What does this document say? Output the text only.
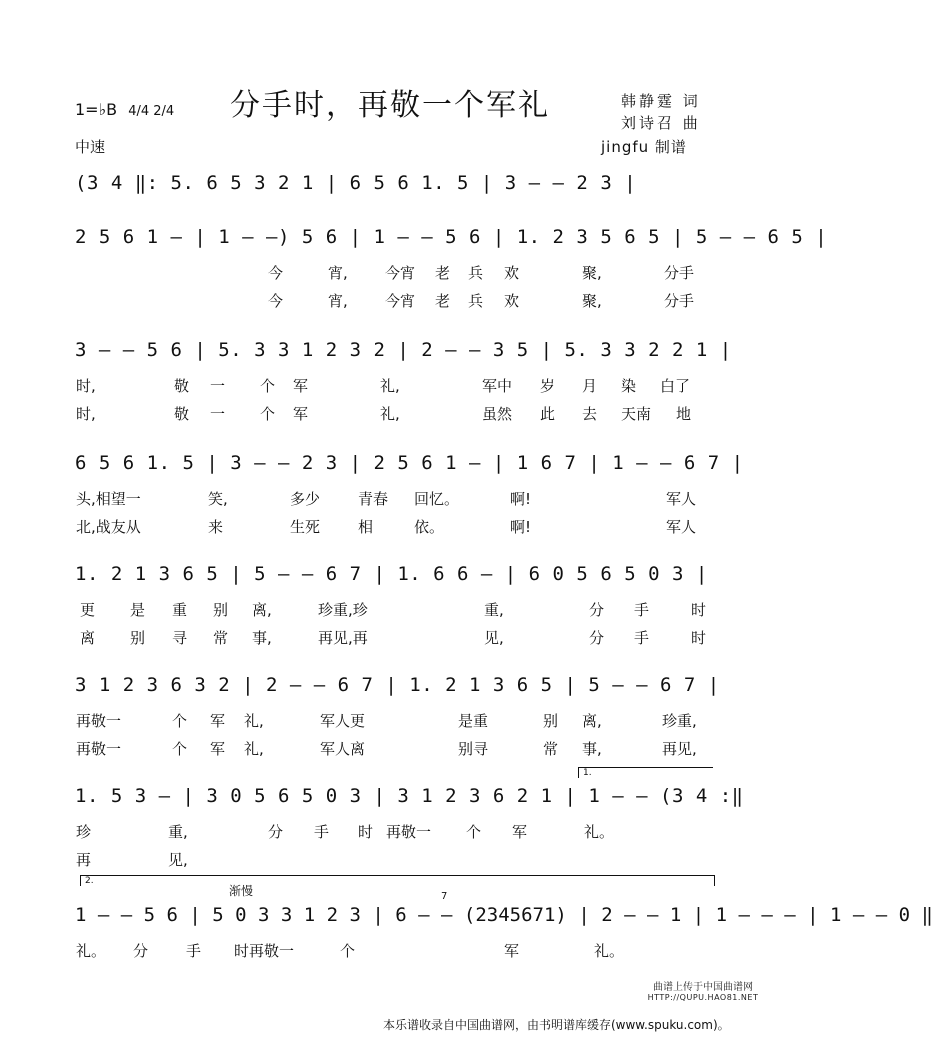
分手时，再敬一个军礼	韩静霆 词
刘诗召 曲
jingfu 制谱
1=♭B 4/4 2/4
中速
(3 4 ‖: 5. 6 5 3 2 1 | 6 5 6 1. 5 | 3 – – 2 3 |
2 5 6 1 – | 1 – –) 5 6 | 1 – – 5 6 | 1. 2 3 5 6 5 | 5 – – 6 5 |
今	宵, 今宵 老 兵 欢	聚,	分手
今	宵, 今宵 老 兵 欢	聚,	分手
3 – – 5 6 | 5. 3 3 1 2 3 2 | 2 – – 3 5 | 5. 3 3 2 2 1 |
时,	敬 一 个 军	礼,	军中 岁 月 染 白了
时,	敬 一 个 军	礼,	虽然 此 去 天南 地
6 5 6 1. 5 | 3 – – 2 3 | 2 5 6 1 – | 1 6 7 | 1 – – 6 7 |
头,相望一	笑,	多少	青春 回忆。	啊!	军人
北,战友从	来	生死	相	依。	啊!	军人
1. 2 1 3 6 5 | 5 – – 6 7 | 1. 6 6 – | 6 0 5 6 5 0 3 |
更 是 重 别 离,	珍重,珍	重,	分 手	时
离 别 寻 常 事,	再见,再	见,	分 手	时
3 1 2 3 6 3 2 | 2 – – 6 7 | 1. 2 1 3 6 5 | 5 – – 6 7 |
再敬一	个 军 礼,	军人更	是重	别 离,	珍重,
再敬一	个 军 礼,	军人离	别寻	常 事,	再见,
1.
1. 5 3 – | 3 0 5 6 5 0 3 | 3 1 2 3 6 2 1 | 1 – – (3 4 :‖
珍	重,	分 手 时 再敬一 个 军	礼。
再	见,
2.
渐慢	7
1 – – 5 6 | 5 0 3 3 1 2 3 | 6 – – (2345671) | 2 – – 1 | 1 – – – | 1 – – 0 ‖
礼。 分	手 时再敬一	个	军	礼。
曲谱上传于中国曲谱网
HTTP://QUPU.HAO81.NET
本乐谱收录自中国曲谱网，由书明谱库缓存(www.spuku.com)。
